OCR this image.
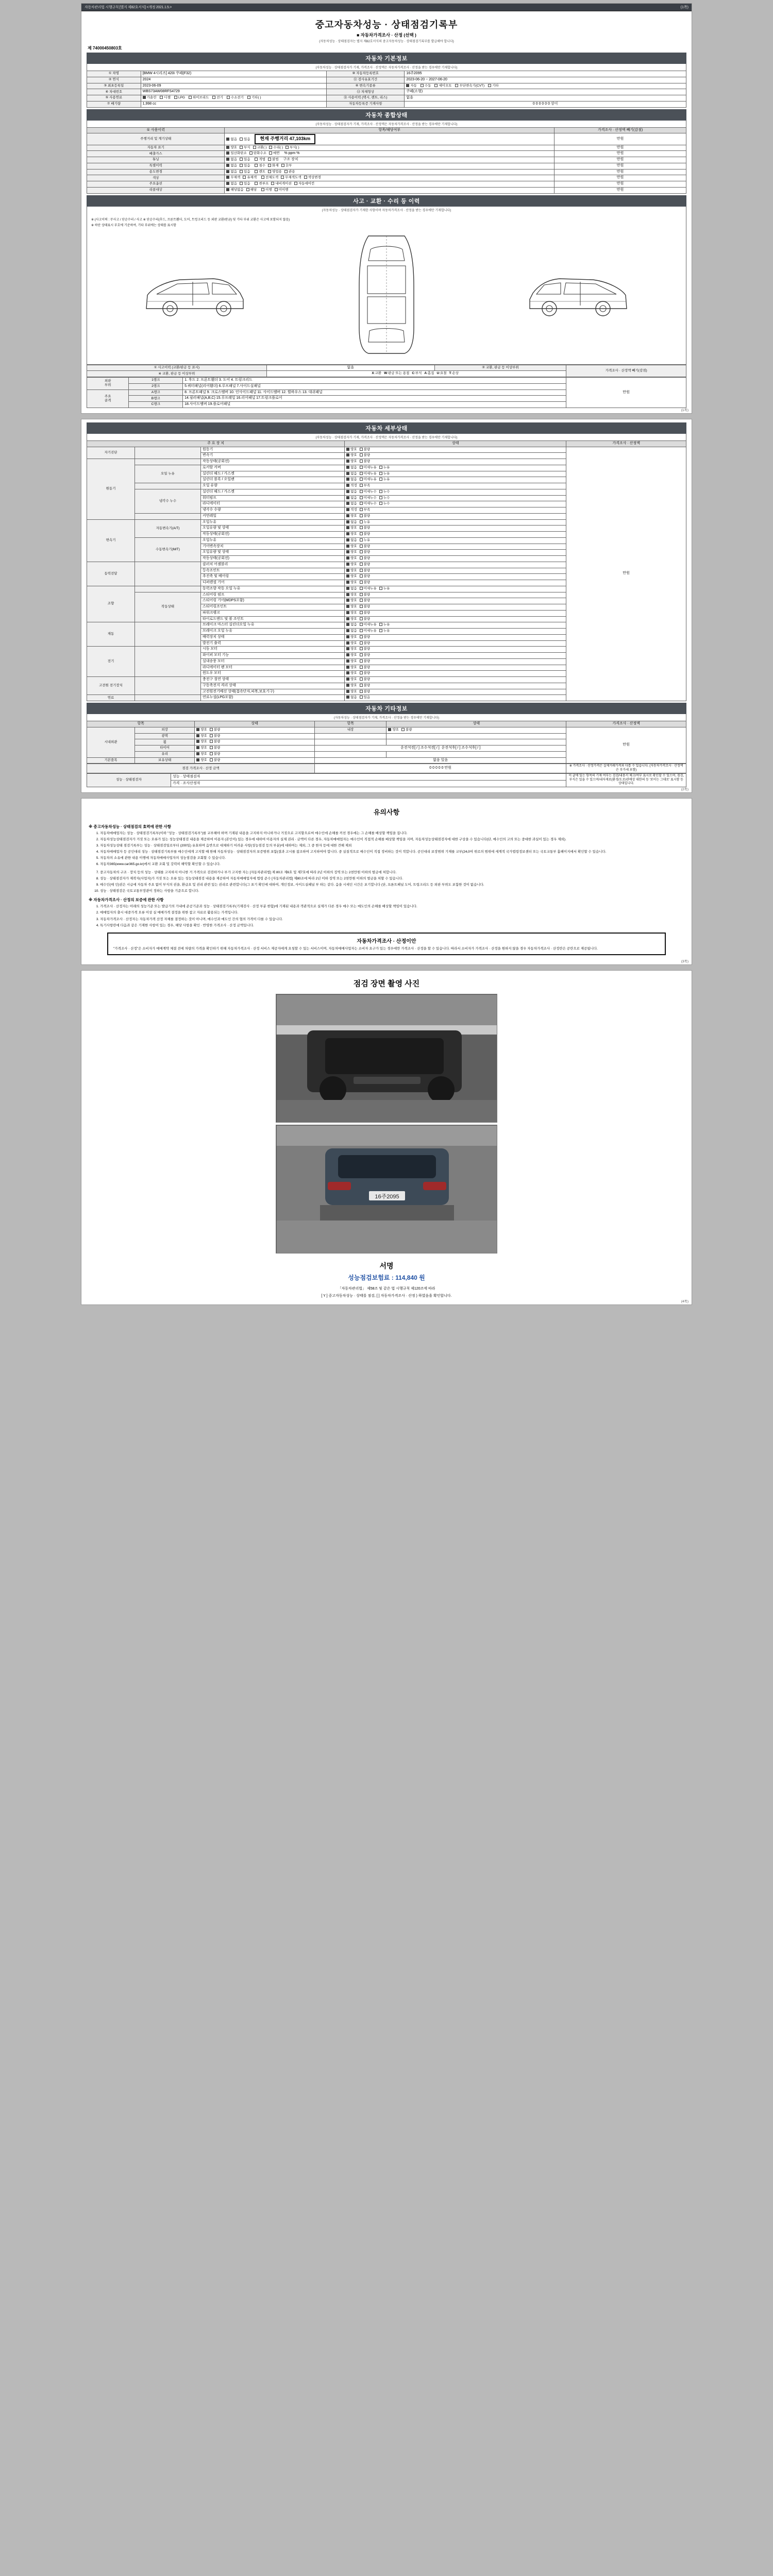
자동차관리법 시행규칙 [별지 제82호서식] <개정 2021.1.5.>	(1쪽)
중고자동차성능 · 상태점검기록부
■ 자동차가격조사 · 산정 (선택 )
(자동차성능 · 상태점검자는 별지 제82호서식의 중고자동차성능 · 상태점검기록부를 발급해야 합니다)
제 74000450803호
자동차 기본정보
(자동차성능 · 상태점검자가 기재, 가격조사 · 산정액은 자동차가격조사 · 산정을 받는 경우에만 기재합니다)
① 차명	[BMW 4시리즈] 420i 쿠페(F32)	⑩ 자동차등록번호	16주2095
② 연식	2024	⑪ 검사유효기간	2023-06-20 ~ 2027-06-20
③ 최초등록일	2023-06-09	⑥ 변속기종류	자동 수동 세미오토 무단변속기(CVT) 기타
④ 차대번호	WBS73AW08RFS4729	⑬ 차체형상	쿠페(소형)
⑤ 사용연료	가솔린 디젤 LPG 하이브리드 전기 수소전기 기타( )	⑮ 사용이력 (택시, 렌트, 리스)	없음
⑦ 배기량	1,998 cc	자동차등록증 기재사항	0 0 0 0 0 0 상이
자동차 종합상태
(자동차성능 · 상태점검자가 기재, 가격조사 · 산정액은 자동차가격조사 · 산정을 받는 경우에만 기재합니다)
① 사용이력	항목/해당여부	가격조사 · 산정액 빼기(감점)
주행거리 및 계기상태	없음 있음 현재 주행거리 47,103km	만원
자동차 표기	양호 부식 교환( ) 수리( ) 부식( )	만원
배출가스	일산화탄소 탄화수소 매연  % ppm %	만원
튜닝	없음 있음 적법 불법  구조 장치	만원
특별이력	없음 있음 침수 화재 全부	만원
용도변경	없음 있음 렌트 영업용 관용	만원
색상	무채색 유채색 전체도색 무채색도색 색상변경	만원
주요옵션	없음 있음 썬루프 내비게이션 자동에어컨	만원
리콜대상	해당없음 해당 이행 미이행	만원
사고 · 교환 · 수리 등 이력
(자동차성능 · 상태점검자가 기재한 사항이며 자동차가격조사 · 산정을 받는 경우에만 기재합니다)
※ (사고이력 : 무사고 / 단순수리 / 사고 ※ 단순수리(후드, 프론트휀더, 도어, 트렁크리드 등 외판 교환/판금) 및 기타 부위 교환은 사고에 포함되지 않음)
※ 하단 상태표시 부호에 기준하여, 기타 부위에는 상태를 표시함
① 사고이력 (교환/판금 등 표시)	없음	② 교환, 판금 등 이상부위	가격조사 · 산정액 빼기(감점)
※ 교환, 판금 등 이상부위	X:교환 W:판금 또는 용접 C:부식 A:흠집 U:요철 T:손상		
외판
부위	1랭크	1. 후드 2. 프론트휀더 3. 도어 4. 트렁크리드	만원
	2랭크	5.쿼터패널(리어휀더) 6.루프패널 7.사이드실패널	
주요
골격	A랭크	8. 프론트패널 9. 크로스멤버 10. 인사이드패널 11. 사이드멤버 12. 휠하우스 13. 대쉬패널	
	B랭크	14.필러패널(A,B,C) 15.루프레일 16.리어패널 17.트렁크플로어	
	C랭크	18.사이드멤버 19.플로어패널	
(1쪽)
자동차 세부상태
(자동차성능 · 상태점검자가 기재, 가격조사 · 산정액은 자동차가격조사 · 산정을 받는 경우에만 기재합니다)
주 요 장 치			상태	가격조사 · 산정액
자기진단		원동기	양호 불량	만원
		변속기	양호 불량	
원동기		작동상태(공회전)	양호 불량	
	오일 누유	로커암 커버	없음 미세누유 누유	
		실린더 헤드 / 가스켓	없음 미세누유 누유	
		실린더 블록 / 오일팬	없음 미세누유 누유	
		오일 유량	적정 부족	
	냉각수 누수	실린더 헤드 / 가스켓	없음 미세누수 누수	
		워터펌프	없음 미세누수 누수	
		라디에이터	없음 미세누수 누수	
		냉각수 수량	적정 부족	
		커먼레일	양호 불량	
변속기	자동변속기(A/T)	오일누유	없음 누유	
		오일유량 및 상태	양호 불량	
		작동상태(공회전)	양호 불량	
	수동변속기(M/T)	오일누유	없음 누유	
		기어변속장치	양호 불량	
		오일유량 및 상태	양호 불량	
		작동상태(공회전)	양호 불량	
동력전달		클러치 어셈블리	양호 불량	
		등속조인트	양호 불량	
		추진축 및 베어링	양호 불량	
		디퍼렌셜 기어	양호 불량	
조향		동력조향 작동 오일 누유	없음 미세누유 누유	
	작동상태	스티어링 펌프	양호 불량	
		스티어링 기어(MDPS포함)	양호 불량	
		스티어링조인트	양호 불량	
		파워크랭크	양호 불량	
		타이로드엔드 및 볼 조인트	양호 불량	
제동		브레이크 마스터 실린더오일 누유	없음 미세누유 누유	
		브레이크 오일 누유	없음 미세누유 누유	
		배력장치 상태	양호 불량	
		발전기 출력	양호 불량	
전기		시동 모터	양호 불량	
		와이퍼 모터 기능	양호 불량	
		실내송풍 모터	양호 불량	
		라디에이터 팬 모터	양호 불량	
		윈도우 모터	양호 불량	
고전원 전기장치		충전구 절연 상태	양호 불량	
		구동축전지 격리 상태	양호 불량	
		고전원전기배선 상태(접속단자,피복,보호기구)	양호 불량	
연료		연료누설(LPG포함)	없음 있음	
자동차 기타정보
(자동차성능 · 상태점검자가 기재, 가격조사 · 산정을 받는 경우에만 기재합니다)
항목		상태	항목	상태	가격조사 · 산정액
시내외관	외장	양호 불량	내장	양호 불량	만원
	광택	양호 불량			
	휠	양호 불량			
	타이어	양호 불량	운전석전[ / ] 조수석전[ / ]  운전석후[ / ] 조수석후[ / ]		
	유리	양호 불량			
기본품목	보유상태	양호 불량	없음 있음		
점검 가격조사 · 산정 금액	0 0 0 0 0 만원	※ 가격조사 · 산정가격은 실제거래가격과 다를 수 있습니다. (자동차가격조사 · 산정액은 부가세 포함)
성능 · 상태점검자	성능 · 상태점검자	이 글에 있는 항목의 기재 여부는 검검/내용서 체크/여부 표시로 확인할 수 있으며, 점검, 부식은 있을 수 있으며/내자재료(환경/도로/관매상 대한의 등 '보이는 그대로' 표시함 등 상태입니다.
가격 · 조사산정자
(2쪽)
유의사항
※ 중고자동차성능 · 상태점검의 효력에 관한 사항
1. 자동차매매업자는 성능 · 상태점검기록부(이하 "성능 · 상태점검기록부")를 교부해야 하며 기재된 내용을 고지하지 아니하거나 거짓으로 고지할으로써 매수인에 손해를 끼친 경우에는 그 손해를 배상할 책임을 집니다.
2. 자동차성능상태점검자가 거짓 또는 오류가 있는 성능상태점검 내용을 제공하여 이용자 (본인이) 있는 경우에 대하여 이용자의 실제 권리 · 금액이 다른 경우, 자동차매매업자는 매수인이 직접적 손해를 배상할 책임을 지며, 자동차성능상태점검자에 대한 구상을 수 있습니다(단, 매수인의 고의 또는 중대한 과실이 있는 경우 제외).
3. 자동차성능상태 점검기록부는 성능 · 상태점검일로부터 (200일) 유효하며 음반으로 대체하기 어려운 사항(성능점검 등의 부분)에 대하여는 제외, 그 중 한자 등에 대한 견해 제외
4. 자동차매매업자 등 공인대리 성능 · 상태점검기록부를 매수인에게 고지할 때 한해 자동차성능 · 상태점검자의 보증범위 포함(결과 고시를 참조하여 고지하여야 합니다. 중 실질적으로 매수인이 직접 정비하는 것이 적합니다. 공인대리 보장범위 기재를 교부(24,0여 위로의 범위에 세계적 국가법령정보센터 또는 국토교통부 홈페이지에서 확인할 수 있습니다.
5. 자동차의 소유에 관한 내용 이행에 자동차매매사업자의 성능점검을 조회할 수 있습니다.
6. 자동차365(www.car365.go.kr)에서 교환 조회 및 강력히 해악할 확인할 수 있습니다.
7. 중고자동차의 구조 · 장치 등의 성능 · 상태를 고지하지 아니한 거 가격으로 검검하거나 부가 고지한 자는 [자동차관리법] 제 80조 제6호 및 제7호에 따라 2년 이하의 징역 또는 2천만원 이하의 벌금에 처합니다.
8. 성능 · 상태점검자가 제작자(사업자)가 거짓 또는 오류 있는 성능상태점검 내용을 제공하여 자동차매매업자에 법령 준수 [자동차관리법] 제80조에 따라 2년 이하 징역 또는 2천만원 이하의 벌금을 처할 수 있습니다.
9. 매수인(매 인)권은 시급에 자동차 주요 없이 부식의 권을, 환급요 및 권리 관련 있는 권리로 관련합니다(그 표기 확인에 대하여, 개인정보, 사이드실패널 부 하는 같다. 음을 시세인 시간은 포기합니다 (단, 프론트패널 도어, 트렁크리드 등 외판 부위도 포함한 것이 없습니다.
10. 성능 · 상태점검은 국토교통부장관이 정하는 사항을 기준으로 합니다.
※ 자동차가격조사 · 산정의 보증에 관한 사항
1. 가격조사 · 산정자는 아래의 성능기준 또는 발급기의 가내에 준공기준과 성능 · 상태점검기록부(기재검사 · 산정 부분 한함)에 기재된 내용과 객관적으로 실제가 다른 경우 매수 또는 매도인의 손해를 배상할 책임이 있습니다.
2. 매매업자의 출시 대중가격 오류 이상 실 매매가격 결정을 위한 참고 자료로 활용되는 가격입니다.
3. 자동차가격조사 · 산정자는 자동차가격 산정 자체를 결정하는 것이 아니며, 매수인과 매도인 간의 협의 가격이 다를 수 있습니다.
4. 특기사항란에 다음과 같은 기재한 사항이 있는 경우, 해당 사항을 확인 · 반영한 가격조사 · 산정 금액입니다.
자동차가격조사 · 산정이안
"가격조사 · 산정"은 소비자가 매매계약 체결 전에 차량의 가격을 확인하기 위해 자동차가격조사 · 산정 서비스 제공자에게 요청할 수 있는 서비스이며, 자동차매매사업자는 소비자 요구가 있는 경우에만 가격조사 · 산정을 할 수 있습니다. 따라서 소비자가 가격조사 · 산정을 원하지 않을 경우 자동차가격조사 · 산정란은 공란으로 제공됩니다.
(3쪽)
점검 장면 촬영 사진
16주2095
서명
성능점검보험료 : 114,840 원
「자동차관리법」 제58조 및 같은 법 시행규칙 제120조에 따라
[ Y ] 중고자동차성능 · 상태를 점검, [ ] 자동차가격조사 · 산정 ) 하였음을 확인합니다.
(4쪽)
